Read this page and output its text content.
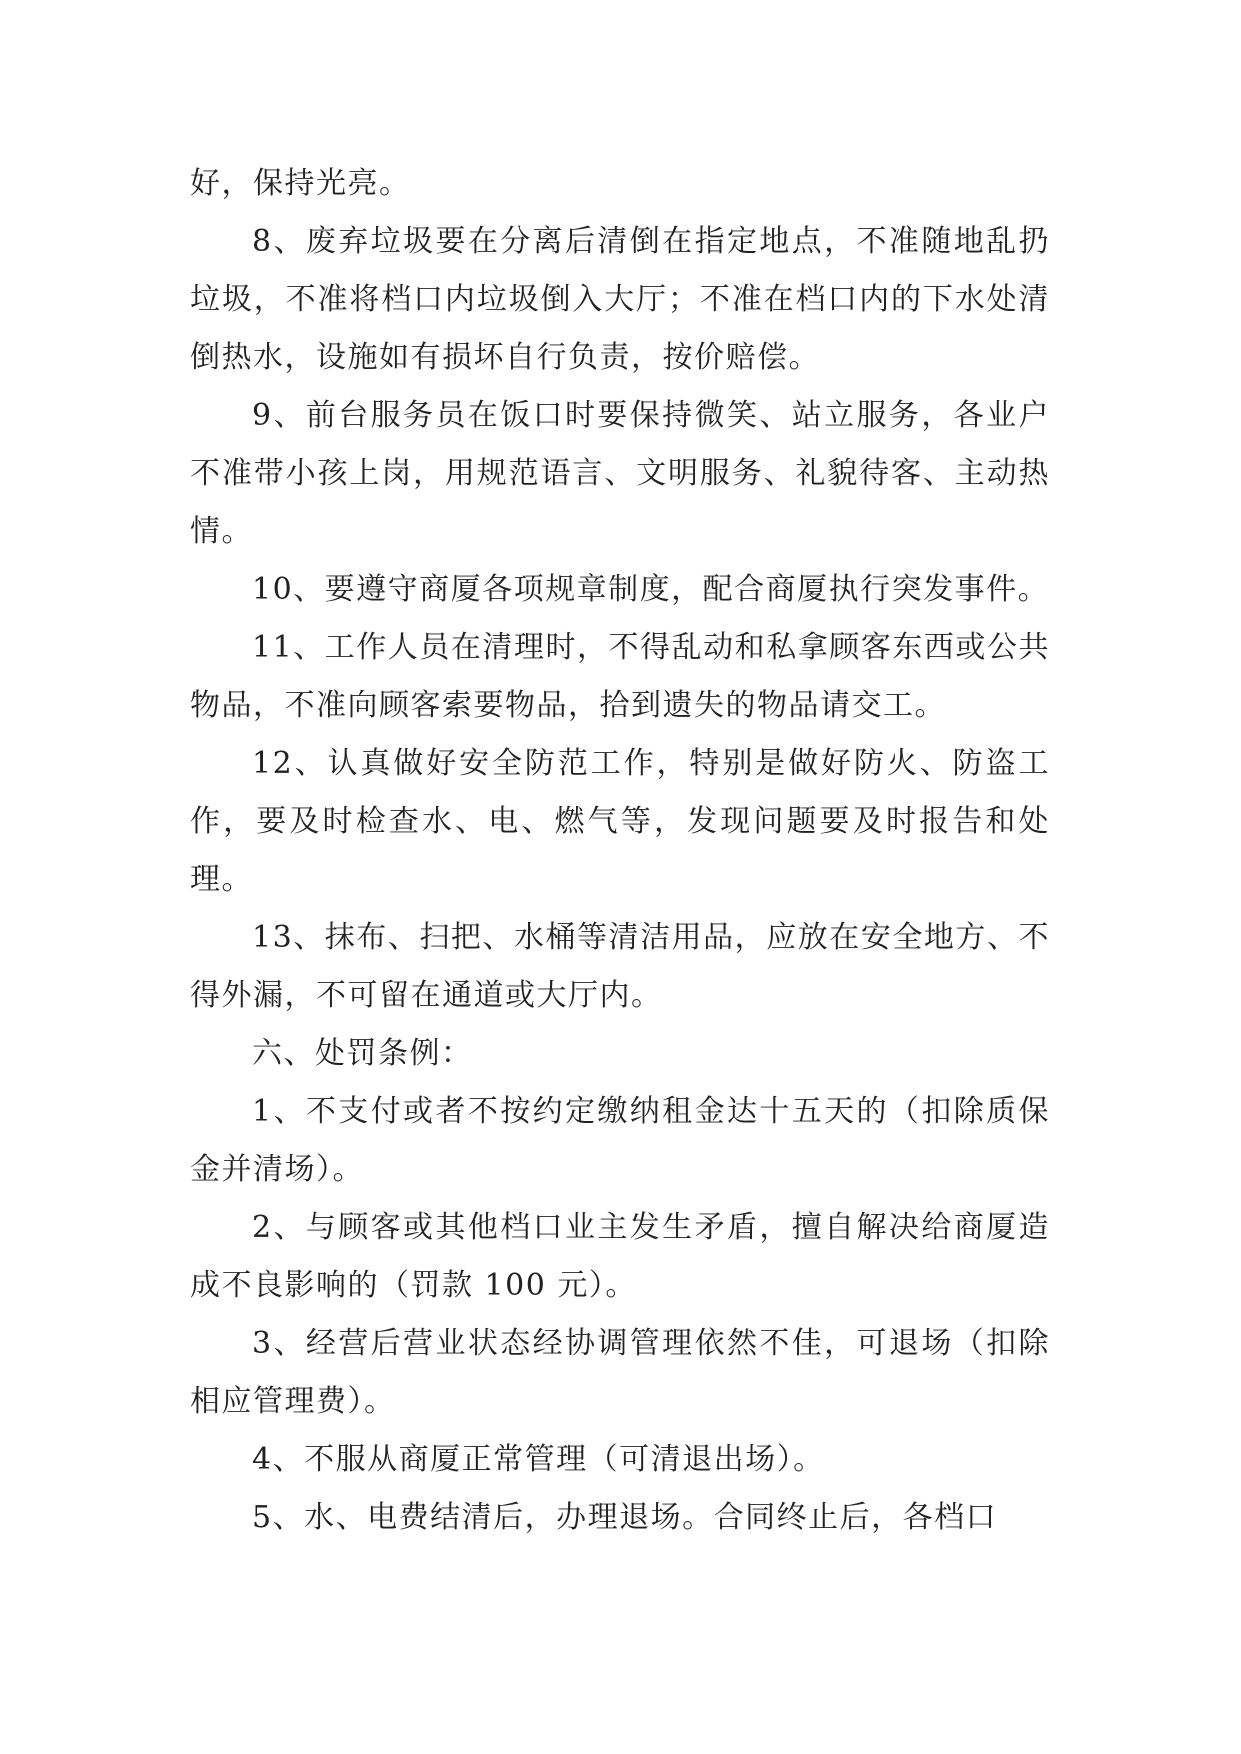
好，保持光亮。

8、废弃垃圾要在分离后清倒在指定地点，不准随地乱扔垃圾，不准将档口内垃圾倒入大厅；不准在档口内的下水处清倒热水，设施如有损坏自行负责，按价赔偿。

9、前台服务员在饭口时要保持微笑、站立服务，各业户不准带小孩上岗，用规范语言、文明服务、礼貌待客、主动热情。

10、要遵守商厦各项规章制度，配合商厦执行突发事件。

11、工作人员在清理时，不得乱动和私拿顾客东西或公共物品，不准向顾客索要物品，拾到遗失的物品请交工。

12、认真做好安全防范工作，特别是做好防火、防盗工作，要及时检查水、电、燃气等，发现问题要及时报告和处理。

13、抹布、扫把、水桶等清洁用品，应放在安全地方、不得外漏，不可留在通道或大厅内。

六、处罚条例：

1、不支付或者不按约定缴纳租金达十五天的（扣除质保金并清场）。

2、与顾客或其他档口业主发生矛盾，擅自解决给商厦造成不良影响的（罚款 100 元）。

3、经营后营业状态经协调管理依然不佳，可退场（扣除相应管理费）。

4、不服从商厦正常管理（可清退出场）。

5、水、电费结清后，办理退场。合同终止后，各档口
